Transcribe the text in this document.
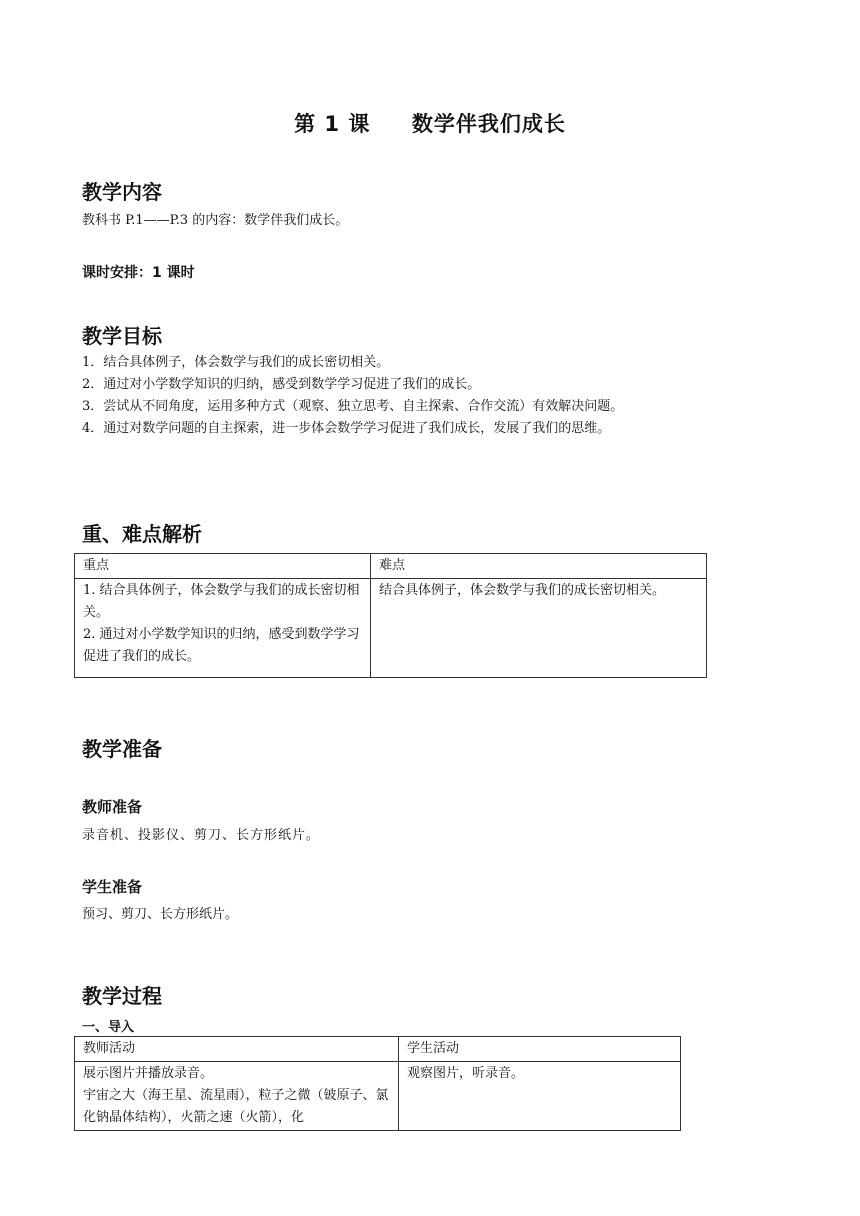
第 1 课     数学伴我们成长
教学内容
教科书 P.1——P.3 的内容：数学伴我们成长。
课时安排：1 课时
教学目标
1．结合具体例子，体会数学与我们的成长密切相关。
2．通过对小学数学知识的归纳，感受到数学学习促进了我们的成长。
3．尝试从不同角度，运用多种方式（观察、独立思考、自主探索、合作交流）有效解决问题。
4．通过对数学问题的自主探索，进一步体会数学学习促进了我们成长，发展了我们的思维。
重、难点解析
重点	难点

1. 结合具体例子，体会数学与我们的成长密切相关。

2. 通过对小学数学知识的归纳，感受到数学学习促进了我们的成长。	结合具体例子，体会数学与我们的成长密切相关。
教学准备
教师准备
录音机、投影仪、剪刀、长方形纸片。
学生准备
预习、剪刀、长方形纸片。
教学过程
一、导入
教师活动	学生活动

展示图片并播放录音。

宇宙之大（海王星、流星雨），粒子之微（铍原子、氯化钠晶体结构），火箭之速（火箭），化	观察图片，听录音。
